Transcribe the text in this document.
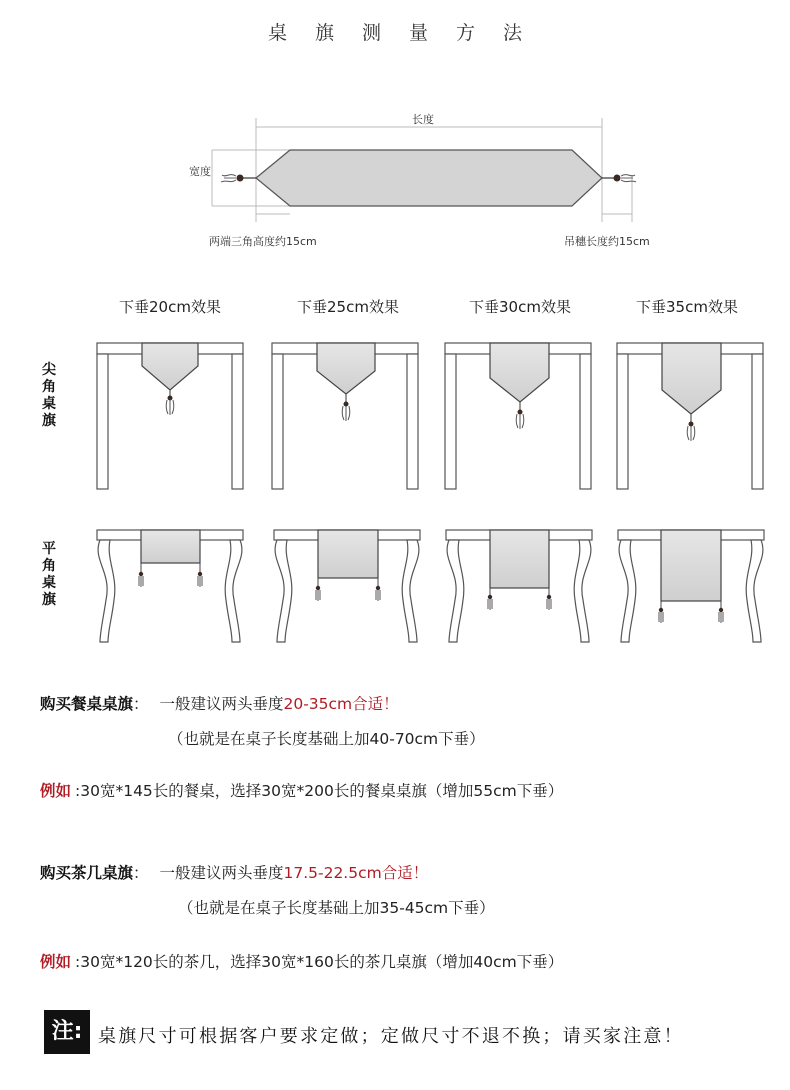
桌旗测量方法
长度
宽度
两端三角高度约15cm	吊穗长度约15cm
下垂20cm效果	下垂25cm效果	下垂30cm效果	下垂35cm效果
尖
角
桌
旗
平
角
桌
旗
购买餐桌桌旗： 一般建议两头垂度20-35cm合适！
（也就是在桌子长度基础上加40-70cm下垂）
例如 :30宽*145长的餐桌，选择30宽*200长的餐桌桌旗（增加55cm下垂）
购买茶几桌旗： 一般建议两头垂度17.5-22.5cm合适！
（也就是在桌子长度基础上加35-45cm下垂）
例如 :30宽*120长的茶几，选择30宽*160长的茶几桌旗（增加40cm下垂）
注: 桌旗尺寸可根据客户要求定做；定做尺寸不退不换；请买家注意！
